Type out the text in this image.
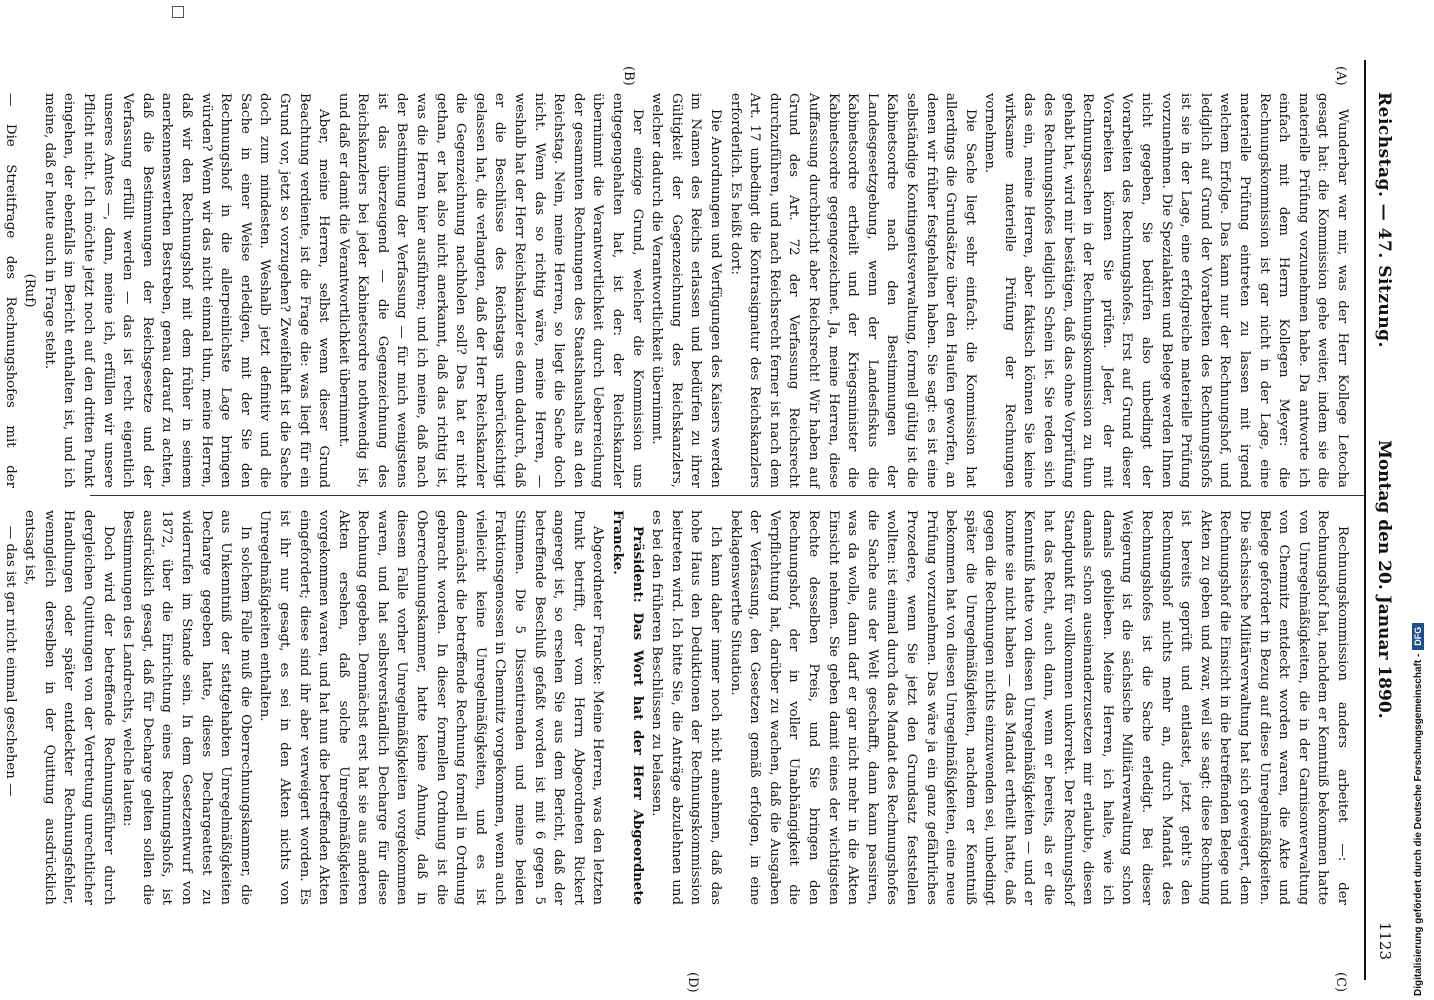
Reichstag. — 47. Sitzung.
Montag den 20. Januar 1890.
1123
(A)
(B)
(C)
(D)

Wunderbar war mir, was der Herr Kollege Letocha gesagt hat: die Kommission gehe weiter, indem sie die materielle Prüfung vorzunehmen habe. Da antworte ich einfach mit dem Herrn Kollegen Meyer: die Rechnungskommission ist gar nicht in der Lage, eine materielle Prüfung eintreten zu lassen mit irgend welchem Erfolge. Das kann nur der Rechnungshof, und lediglich auf Grund der Vorarbeiten des Rechnungshofs ist sie in der Lage, eine erfolgreiche materielle Prüfung vorzunehmen. Die Spezialakten und Belege werden Ihnen nicht gegeben, Sie bedürfen also unbedingt der Vorarbeiten des Rechnungshofes. Erst auf Grund dieser Vorarbeiten können Sie prüfen. Jeder, der mit Rechnungssachen in der Rechnungskommission zu thun gehabt hat, wird mir bestätigen, daß das ohne Vorprüfung des Rechnungshofes lediglich Schein ist. Sie reden sich das ein, meine Herren, aber faktisch können Sie keine wirksame materielle Prüfung der Rechnungen vornehmen.

Die Sache liegt sehr einfach: die Kommission hat allerdings die Grundsätze über den Haufen geworfen, an denen wir früher festgehalten haben. Sie sagt: es ist eine selbständige Kontingentsverwaltung, formell gültig ist die Kabinetsordre nach den Bestimmungen der Landesgesetzgebung, wenn der Landesfiskus die Kabinetsordre ertheilt und der Kriegsminister die Kabinetsordre gegengezeichnet. Ja, meine Herren, diese Auffassung durchbricht aber Reichsrecht! Wir haben auf Grund des Art. 72 der Verfassung Reichsrecht durchzuführen, und nach Reichsrecht ferner ist nach dem Art. 17 unbedingt die Kontrasignatur des Reichskanzlers erforderlich. Es heißt dort:

Die Anordnungen und Verfügungen des Kaisers werden im Namen des Reichs erlassen und bedürfen zu ihrer Gültigkeit der Gegenzeichnung des Reichskanzlers, welcher dadurch die Verantwortlichkeit übernimmt.

Der einzige Grund, welcher die Kommission uns entgegengehalten hat, ist der: der Reichskanzler übernimmt die Verantwortlichkeit durch Ueberreichung der gesammten Rechnungen des Staatshaushalts an den Reichstag. Nein, meine Herren, so liegt die Sache doch nicht. Wenn das so richtig wäre, meine Herren, — weshalb hat der Herr Reichskanzler es denn dadurch, daß er die Beschlüsse des Reichstags unberücksichtigt gelassen hat, die verlangten, daß der Herr Reichskanzler die Gegenzeichnung nachholen soll? Das hat er nicht gethan, er hat also nicht anerkannt, daß das richtig ist, was die Herren hier ausführen; und ich meine, daß nach der Bestimmung der Verfassung — für mich wenigstens ist das überzeugend — die Gegenzeichnung des Reichskanzlers bei jeder Kabinetsordre nothwendig ist, und daß er damit die Verantwortlichkeit übernimmt.

Aber, meine Herren, selbst wenn dieser Grund Beachtung verdiente, ist die Frage die: was liegt für ein Grund vor, jetzt so vorzugehen? Zweifelhaft ist die Sache doch zum mindesten. Weshalb jetzt definitiv und die Sache in einer Weise erledigen, mit der Sie den Rechnungshof in die allerpeinlichste Lage bringen würden? Wenn wir das nicht einmal thun, meine Herren, daß wir den Rechnungshof mit dem früher in seinem anerkennenswerthen Bestreben, genau darauf zu achten, daß die Bestimmungen der Reichsgesetze und der Verfassung erfüllt werden — das ist recht eigentlich unseres Amtes —, dann, meine ich, erfüllen wir unsere Pflicht nicht. Ich möchte jetzt noch auf den dritten Punkt eingehen, der ebenfalls im Bericht enthalten ist, und ich meine, daß er heute auch in Frage steht.

(Ruf)

— Die Streitfrage des Rechnungshofes mit der

Rechnungskommission anders arbeitet —: der Rechnungshof hat, nachdem er Kenntniß bekommen hatte von Unregelmäßigkeiten, die in der Garnisonverwaltung von Chemnitz entdeckt worden waren, die Akte und Belege gefordert in Bezug auf diese Unregelmäßigkeiten. Die sächsische Militärverwaltung hat sich geweigert, dem Rechnungshof die Einsicht in die betreffenden Belege und Akten zu geben und zwar, weil sie sagt: diese Rechnung ist bereits geprüft und entlastet, jetzt geht's den Rechnungshof nichts mehr an, durch Mandat des Rechnungshofes ist die Sache erledigt. Bei dieser Weigerung ist die sächsische Militärverwaltung schon damals geblieben. Meine Herren, ich halte, wie ich damals schon auseinanderzusetzen mir erlaubte, diesen Standpunkt für vollkommen unkorrekt. Der Rechnungshof hat das Recht, auch dann, wenn er bereits, als er die Kenntniß hatte von diesen Unregelmäßigkeiten — und er konnte sie nicht haben — das Mandat ertheilt hatte, daß gegen die Rechnungen nichts einzuwenden sei, unbedingt später die Unregelmäßigkeiten, nachdem er Kenntniß bekommen hat von diesen Unregelmäßigkeiten, eine neue Prüfung vorzunehmen. Das wäre ja ein ganz gefährliches Prozedere, wenn Sie jetzt den Grundsatz feststellen wollten: ist einmal durch das Mandat des Rechnungshofes die Sache aus der Welt geschafft, dann kann passiren, was da wolle, dann darf er gar nicht mehr in die Akten Einsicht nehmen. Sie geben damit eines der wichtigsten Rechte desselben Preis, und Sie bringen den Rechnungshof, der in voller Unabhängigkeit die Verpflichtung hat, darüber zu wachen, daß die Ausgaben der Verfassung, den Gesetzen gemäß erfolgen, in eine beklagenswerthe Situation.

Ich kann daher immer noch nicht annehmen, daß das hohe Haus den Deduktionen der Rechnungskommission beitreten wird. Ich bitte Sie, die Anträge abzulehnen und es bei den früheren Beschlüssen zu belassen.

Präsident: Das Wort hat der Herr Abgeordnete Francke.

Abgeordneter Francke: Meine Herren, was den letzten Punkt betrifft, der vom Herrn Abgeordneten Rickert angeregt ist, so ersehen Sie aus dem Bericht, daß der betreffende Beschluß gefaßt worden ist mit 6 gegen 5 Stimmen. Die 5 Dissentirenden und meine beiden Fraktionsgenossen in Chemnitz vorgekommen, wenn auch vielleicht keine Unregelmäßigkeiten, und es ist demnächst die betreffende Rechnung formell in Ordnung gebracht worden. In dieser formellen Ordnung ist die Oberrechnungskammer, hatte keine Ahnung, daß in diesem Falle vorher Unregelmäßigkeiten vorgekommen waren, und hat selbstverständlich Decharge für diese Rechnung gegeben. Demnächst erst hat sie aus anderen Akten ersehen, daß solche Unregelmäßigkeiten vorgekommen waren, und hat nun die betreffenden Akten eingefordert; diese sind ihr aber verweigert worden. Es ist ihr nur gesagt, es sei in den Akten nichts von Unregelmäßigkeiten enthalten.

In solchem Falle muß die Oberrechnungskammer, die aus Unkenntniß der stattgehabten Unregelmäßigkeiten Decharge gegeben hatte, dieses Dechargeattest zu widerrufen im Stande sein. In dem Gesetzentwurf von 1872, über die Einrichtung eines Rechnungshofs, ist ausdrücklich gesagt, daß für Decharge gelten sollen die Bestimmungen des Landrechts, welche lauten:

Doch wird der betreffende Rechnungsführer durch dergleichen Quittungen von der Vertretung unrechtlicher Handlungen oder später entdeckter Rechnungsfehler, wenngleich derselben in der Quittung ausdrücklich entsagt ist,

— das ist gar nicht einmal geschehen —	Digitalisierung gefördert durch die Deutsche Forschungsgemeinschaft -DFG
